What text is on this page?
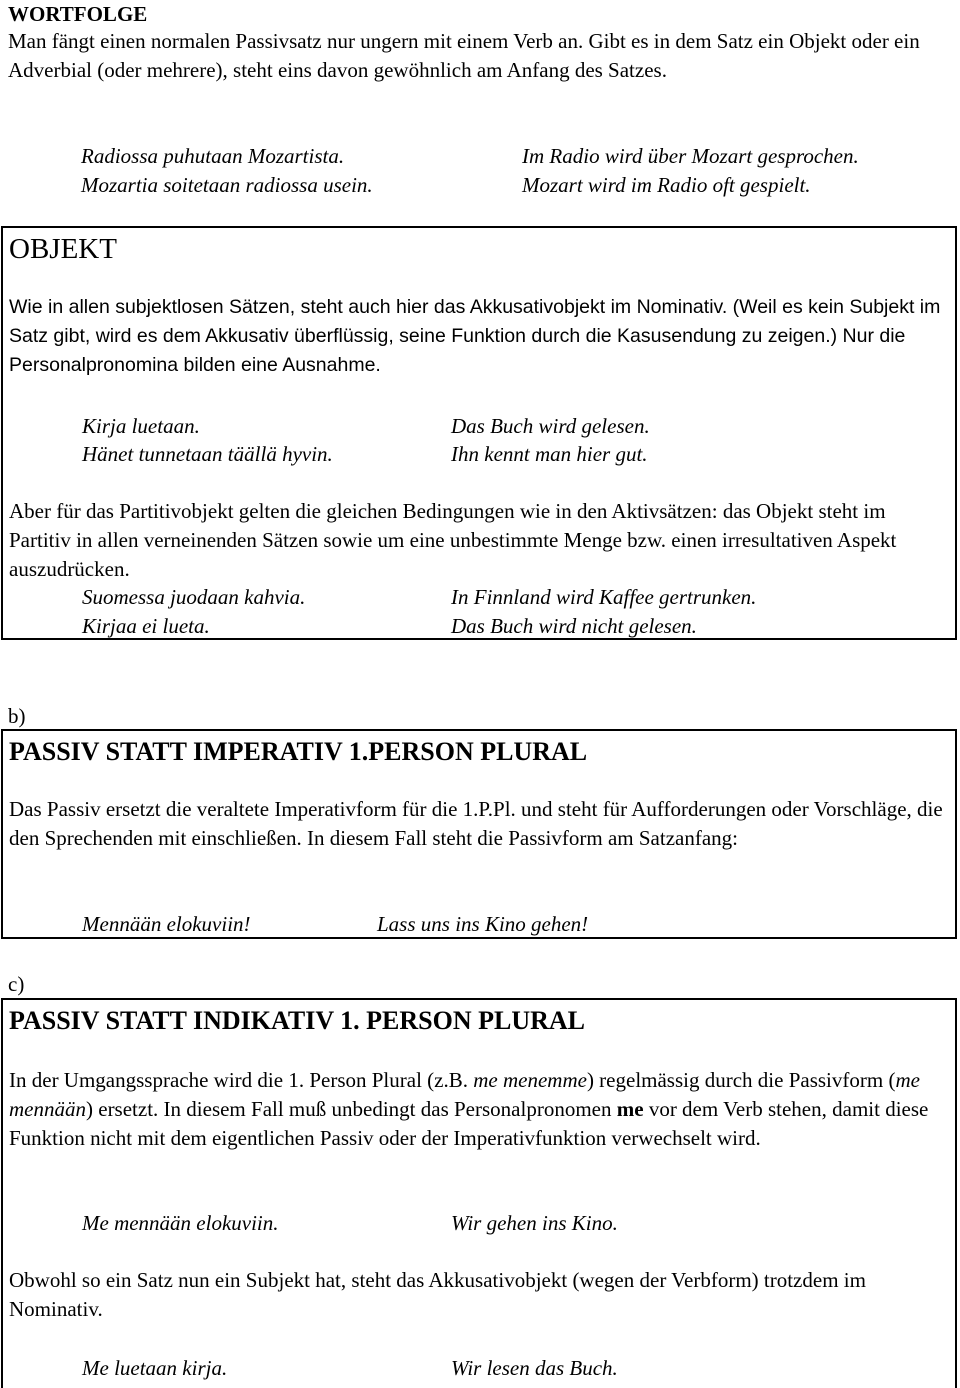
WORTFOLGE

Man fängt einen normalen Passivsatz nur ungern mit einem Verb an. Gibt es in dem Satz ein Objekt oder ein Adverbial (oder mehrere), steht eins davon gewöhnlich am Anfang des Satzes.

Radiossa puhutaan Mozartista.	Im Radio wird über Mozart gesprochen.
Mozartia soitetaan radiossa usein.	Mozart wird im Radio oft gespielt.
OBJEKT

Wie in allen subjektlosen Sätzen, steht auch hier das Akkusativobjekt im Nominativ. (Weil es kein Subjekt im Satz gibt, wird es dem Akkusativ überflüssig, seine Funktion durch die Kasusendung zu zeigen.) Nur die Personalpronomina bilden eine Ausnahme.

Kirja luetaan.	Das Buch wird gelesen.
Hänet tunnetaan täällä hyvin.	Ihn kennt man hier gut.

Aber für das Partitivobjekt gelten die gleichen Bedingungen wie in den Aktivsätzen: das Objekt steht im Partitiv in allen verneinenden Sätzen sowie um eine unbestimmte Menge bzw. einen irresultativen Aspekt auszudrücken.

Suomessa juodaan kahvia.	In Finnland wird Kaffee gertrunken.
Kirjaa ei lueta.	Das Buch wird nicht gelesen.
b)
PASSIV STATT IMPERATIV 1.PERSON PLURAL

Das Passiv ersetzt die veraltete Imperativform für die 1.P.Pl. und steht für Aufforderungen oder Vorschläge, die den Sprechenden mit einschließen. In diesem Fall steht die Passivform am Satzanfang:

Mennään elokuviin!	Lass uns ins Kino gehen!
c)
PASSIV STATT INDIKATIV 1. PERSON PLURAL

In der Umgangssprache wird die 1. Person Plural (z.B. me menemme) regelmässig durch die Passivform (me mennään) ersetzt. In diesem Fall muß unbedingt das Personalpronomen me vor dem Verb stehen, damit diese Funktion nicht mit dem eigentlichen Passiv oder der Imperativfunktion verwechselt wird.

Me mennään elokuviin.	Wir gehen ins Kino.

Obwohl so ein Satz nun ein Subjekt hat, steht das Akkusativobjekt (wegen der Verbform) trotzdem im Nominativ.

Me luetaan kirja.	Wir lesen das Buch.
